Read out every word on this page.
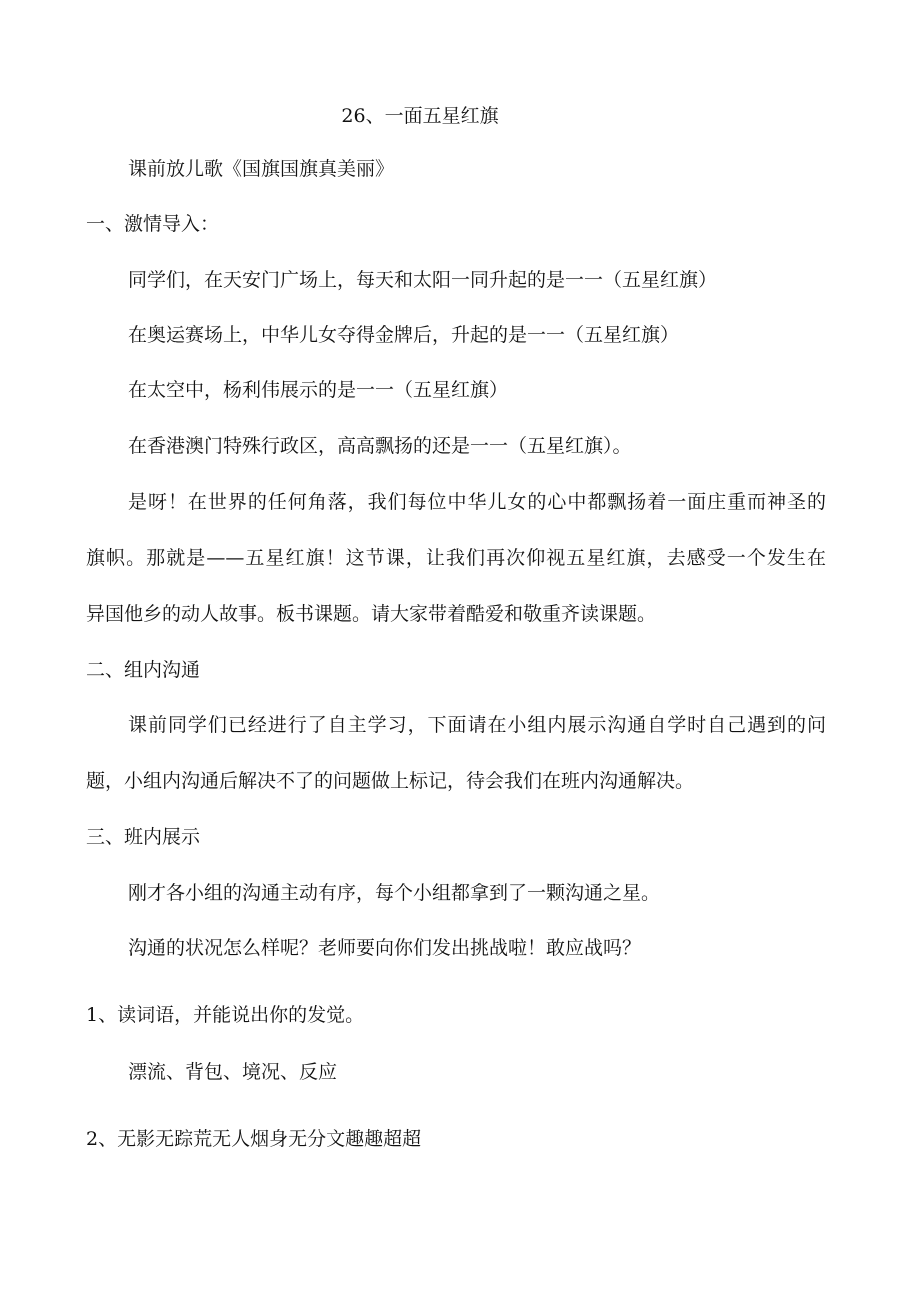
26、一面五星红旗

课前放儿歌《国旗国旗真美丽》

一、激情导入：

同学们，在天安门广场上，每天和太阳一同升起的是一一（五星红旗）

在奥运赛场上，中华儿女夺得金牌后，升起的是一一（五星红旗）

在太空中，杨利伟展示的是一一（五星红旗）

在香港澳门特殊行政区，高高飘扬的还是一一（五星红旗）。

是呀！在世界的任何角落，我们每位中华儿女的心中都飘扬着一面庄重而神圣的

旗帜。那就是——五星红旗！这节课，让我们再次仰视五星红旗，去感受一个发生在

异国他乡的动人故事。板书课题。请大家带着酷爱和敬重齐读课题。

二、组内沟通

课前同学们已经进行了自主学习，下面请在小组内展示沟通自学时自己遇到的问

题，小组内沟通后解决不了的问题做上标记，待会我们在班内沟通解决。

三、班内展示

刚才各小组的沟通主动有序，每个小组都拿到了一颗沟通之星。

沟通的状况怎么样呢？老师要向你们发出挑战啦！敢应战吗？

1、读词语，并能说出你的发觉。

漂流、背包、境况、反应

2、无影无踪荒无人烟身无分文趣趣超超
